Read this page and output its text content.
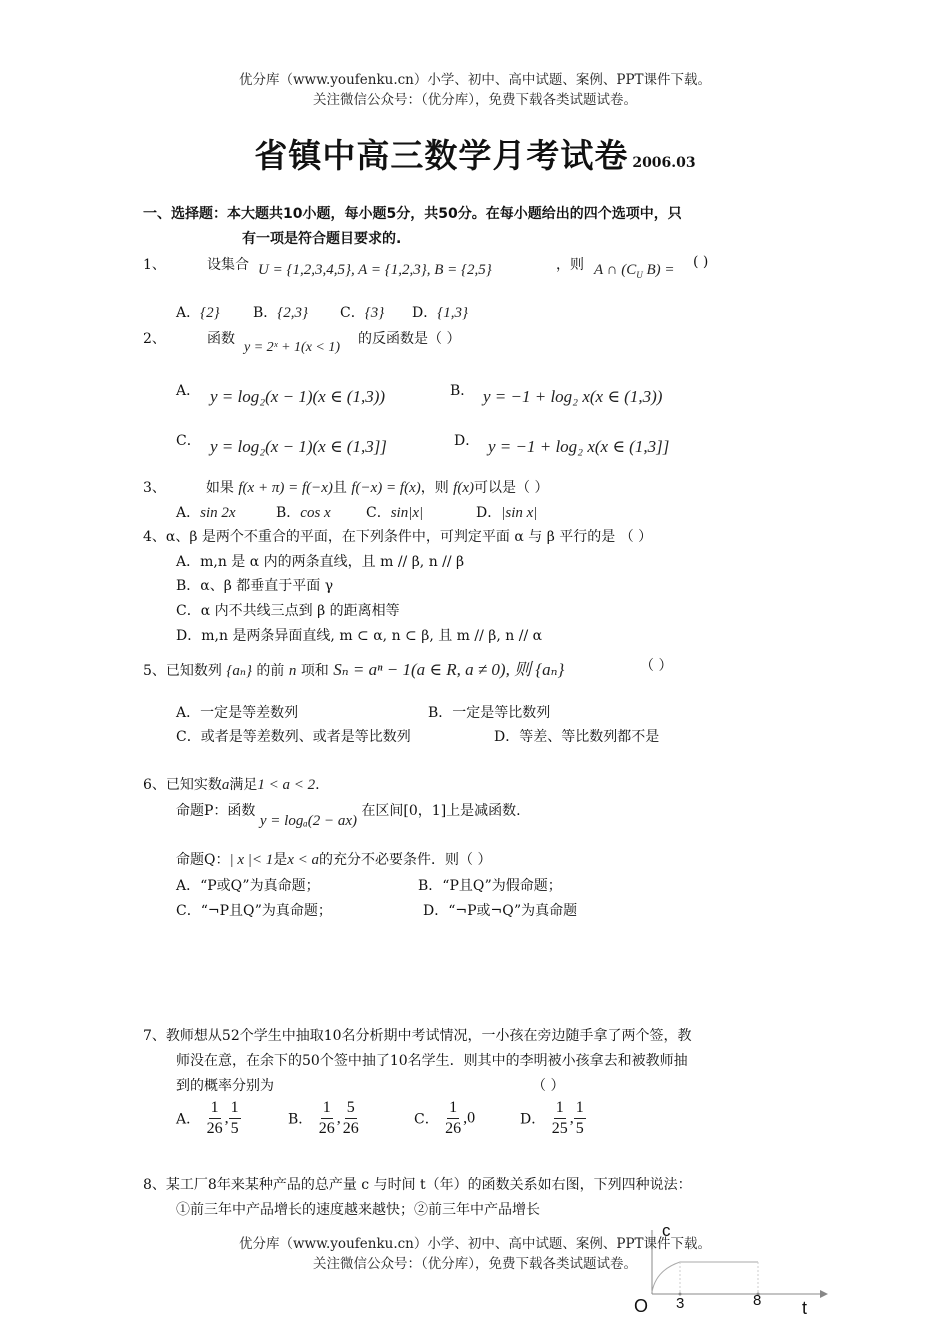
优分库（www.youfenku.cn）小学、初中、高中试题、案例、PPT课件下载。
关注微信公众号：（优分库），免费下载各类试题试卷。
省镇中高三数学月考试卷 2006.03
一、选择题：本大题共10小题，每小题5分，共50分。在每小题给出的四个选项中，只
有一项是符合题目要求的.
1、	设集合 U = {1,2,3,4,5}, A = {1,2,3}, B = {2,5}	，则 A ∩ ($C_U$ B) = ( )
A．{2} B．{2,3} C．{3} D．{1,3}
2、	函数
y = 2ˣ + 1(x < 1)
的反函数是（ ）
A． y = log₂(x − 1)(x ∈ (1,3))	B． y = −1 + log₂ x(x ∈ (1,3))
C． y = log₂(x − 1)(x ∈ (1,3]]	D． y = −1 + log₂ x(x ∈ (1,3]]
3、	如果 f(x + π) = f(−x)且 f(−x) = f(x)，则 f(x)可以是（ ）
A．sin 2x	B．cos x	C．sin|x|	D．|sin x|
4、α、β 是两个不重合的平面，在下列条件中，可判定平面 α 与 β 平行的是 （ ）
A．m,n 是 α 内的两条直线，且 m // β, n // β
B．α、β 都垂直于平面 γ
C．α 内不共线三点到 β 的距离相等
D．m,n 是两条异面直线, m ⊂ α, n ⊂ β, 且 m // β, n // α
5、已知数列 {aₙ} 的前 n 项和 Sₙ = aⁿ − 1(a ∈ R, a ≠ 0), 则 {aₙ}	（ ）
A．一定是等差数列	B．一定是等比数列
C．或者是等差数列、或者是等比数列	D．等差、等比数列都不是
6、已知实数a满足1 < a < 2.
命题P：函数 y = logₐ(2 − ax) 在区间[0，1]上是减函数.
命题Q：| x |< 1是x < a的充分不必要条件．则（ ）
A．“P或Q”为真命题；	B．“P且Q”为假命题；
C．“¬P且Q”为真命题；	D．“¬P或¬Q”为真命题
7、教师想从52个学生中抽取10名分析期中考试情况，一小孩在旁边随手拿了两个签，教
师没在意，在余下的50个签中抽了10名学生．则其中的李明被小孩拿去和被教师抽
到的概率分别为	（ ）
A． $\frac{1}{26}$ , $\frac{1}{5}$	B． $\frac{1}{26}$ , $\frac{5}{26}$	C． $\frac{1}{26} ,0$	D． $\frac{1}{25}$ , $\frac{1}{5}$
8、某工厂8年来某种产品的总产量 c 与时间 t（年）的函数关系如右图，下列四种说法：
①前三年中产品增长的速度越来越快；②前三年中产品增长
c
O 3	8 t
优分库（www.youfenku.cn）小学、初中、高中试题、案例、PPT课件下载。
关注微信公众号：（优分库），免费下载各类试题试卷。
